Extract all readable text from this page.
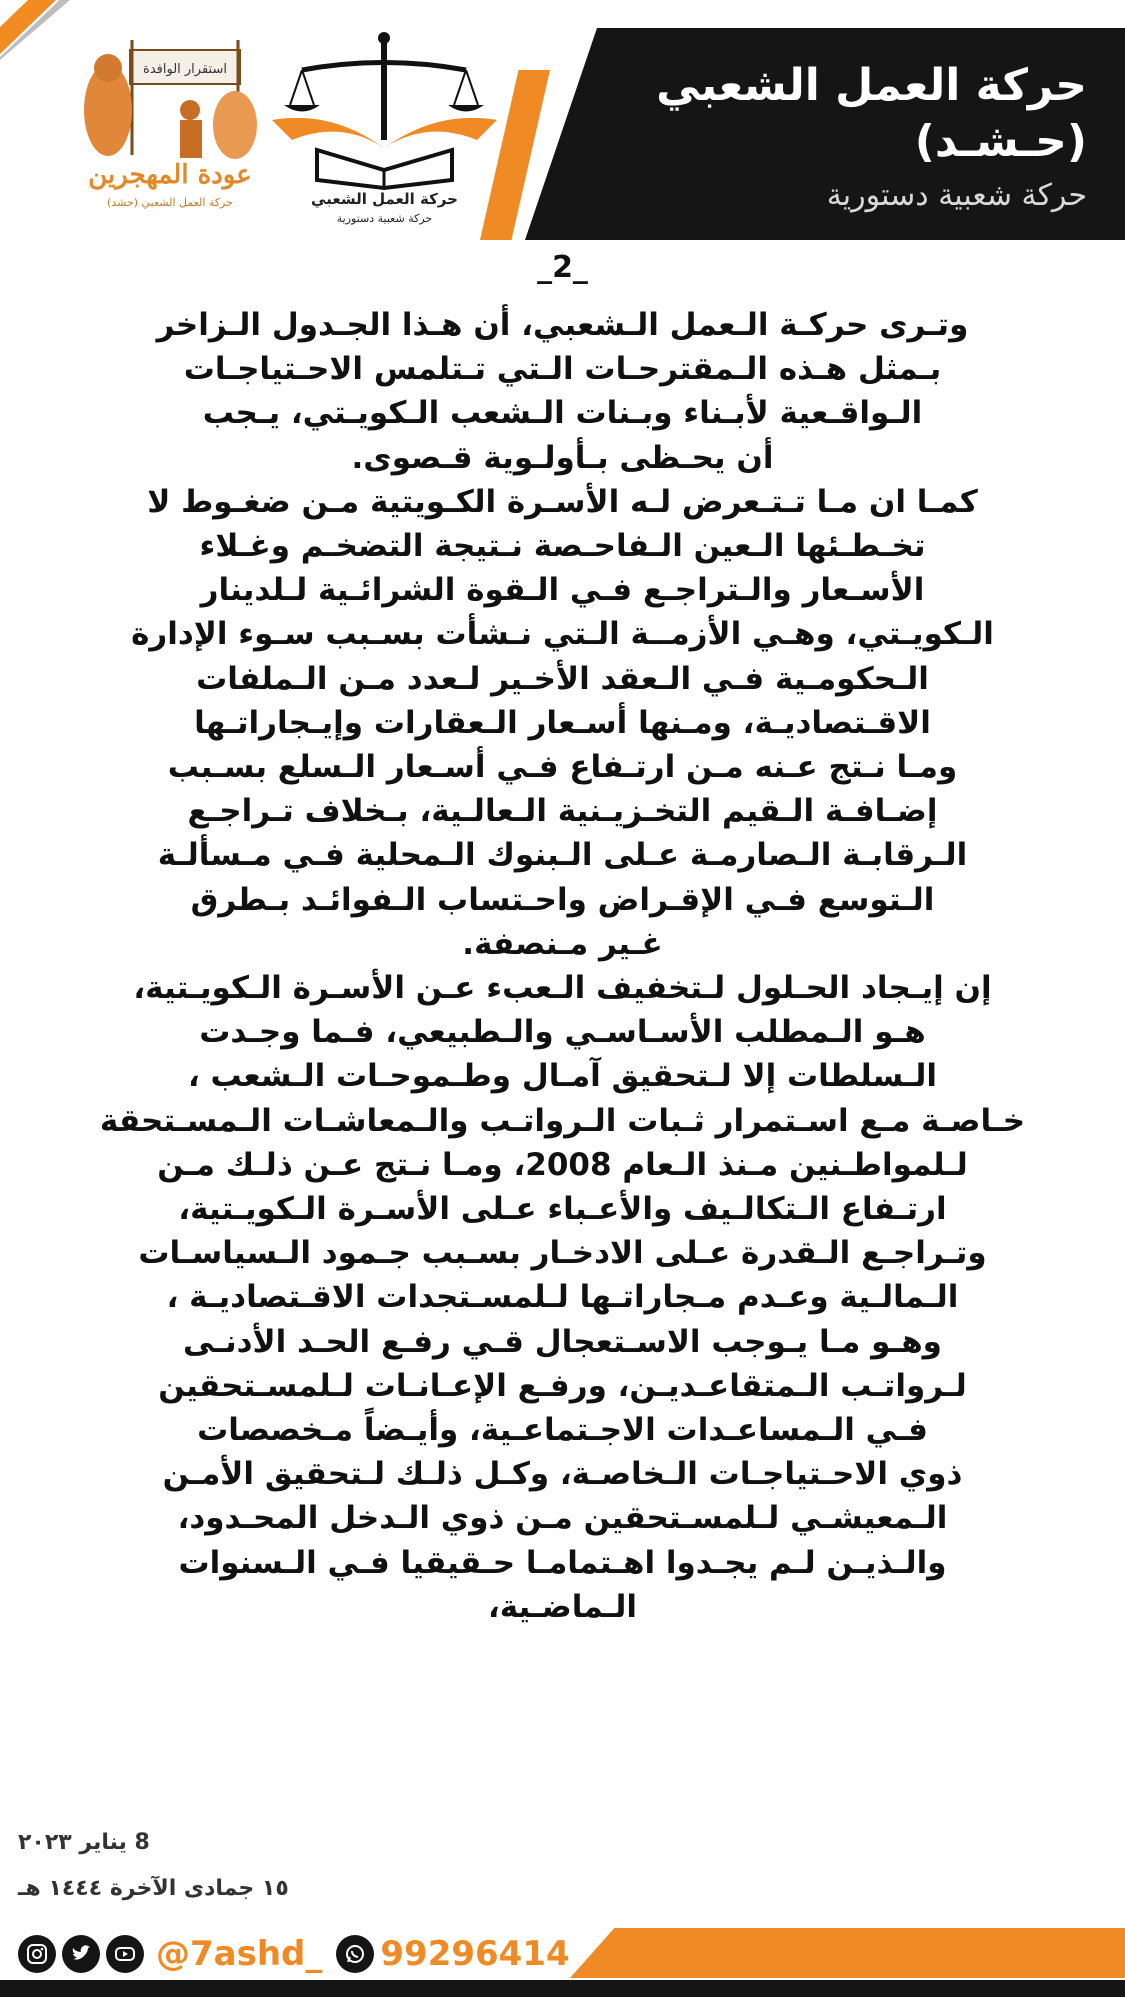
حركة العمل الشعبي
(حـشـد)
حركة شعبية دستورية
حركة العمل الشعبي
حركة شعبية دستورية
استقرار الوافدة
عودة المهجرين
حركة العمل الشعبي (حشد)
_2_
وتـرى حركـة الـعمل الـشعبي، أن هـذا الجـدول الـزاخر
بـمثل هـذه الـمقترحـات الـتي تـتلمس الاحـتياجـات
الـواقـعية لأبـناء وبـنات الـشعب الـكويـتي، يـجب
أن يحـظى بـأولـوية قـصوى.
كمـا ان مـا تـتـعرض لـه الأسـرة الكـويتية مـن ضغـوط لا
تخـطـئها الـعين الـفاحـصة نـتيجة التضخـم وغـلاء
الأسـعار والـتراجـع فـي الـقوة الشرائـية لـلدينار
الـكويـتي، وهـي الأزمــة الـتي نـشأت بسـبب سـوء الإدارة
الـحكومـية فـي الـعقد الأخـير لـعدد مـن الـملفات
الاقـتصاديـة، ومـنها أسـعار الـعقارات وإيـجاراتـها
ومـا نـتج عـنه مـن ارتـفاع فـي أسـعار الـسلع بسـبب
إضـافـة الـقيم التخـزيـنية الـعالـية، بـخلاف تـراجـع
الـرقابـة الـصارمـة عـلى الـبنوك الـمحلية فـي مـسألـة
الـتوسع فـي الإقـراض واحـتساب الـفوائـد بـطرق
غـير مـنصفة.
إن إيـجاد الحـلول لـتخفيف الـعبء عـن الأسـرة الـكويـتية،
هـو الـمطلب الأسـاسـي والـطبيعي، فـما وجـدت
الـسلطات إلا لـتحقيق آمـال وطـموحـات الـشعب ،
خـاصـة مـع اسـتمرار ثـبات الـرواتـب والـمعاشـات الـمسـتحقة
لـلمواطـنين مـنذ الـعام 2008، ومـا نـتج عـن ذلـك مـن
ارتـفاع الـتكالـيف والأعـباء عـلى الأسـرة الـكويـتية،
وتـراجـع الـقدرة عـلى الادخـار بسـبب جـمود الـسياسـات
الـمالـية وعـدم مـجاراتـها لـلمسـتجدات الاقـتصاديـة ،
وهـو مـا يـوجب الاسـتعجال قـي رفـع الحـد الأدنـى
لـرواتـب الـمتقاعـديـن، ورفـع الإعـانـات لـلمسـتحقين
فـي الـمساعـدات الاجـتماعـية، وأيـضاً مـخصصات
ذوي الاحـتياجـات الـخاصـة، وكـل ذلـك لـتحقيق الأمـن
الـمعيشـي لـلمسـتحقين مـن ذوي الـدخل المحـدود،
والـذيـن لـم يجـدوا اهـتمامـا حـقيقيا فـي الـسنوات
الـماضـية،
8 يناير ٢٠٢٣
١٥ جمادى الآخرة ١٤٤٤ هـ
@7ashd_ 99296414
